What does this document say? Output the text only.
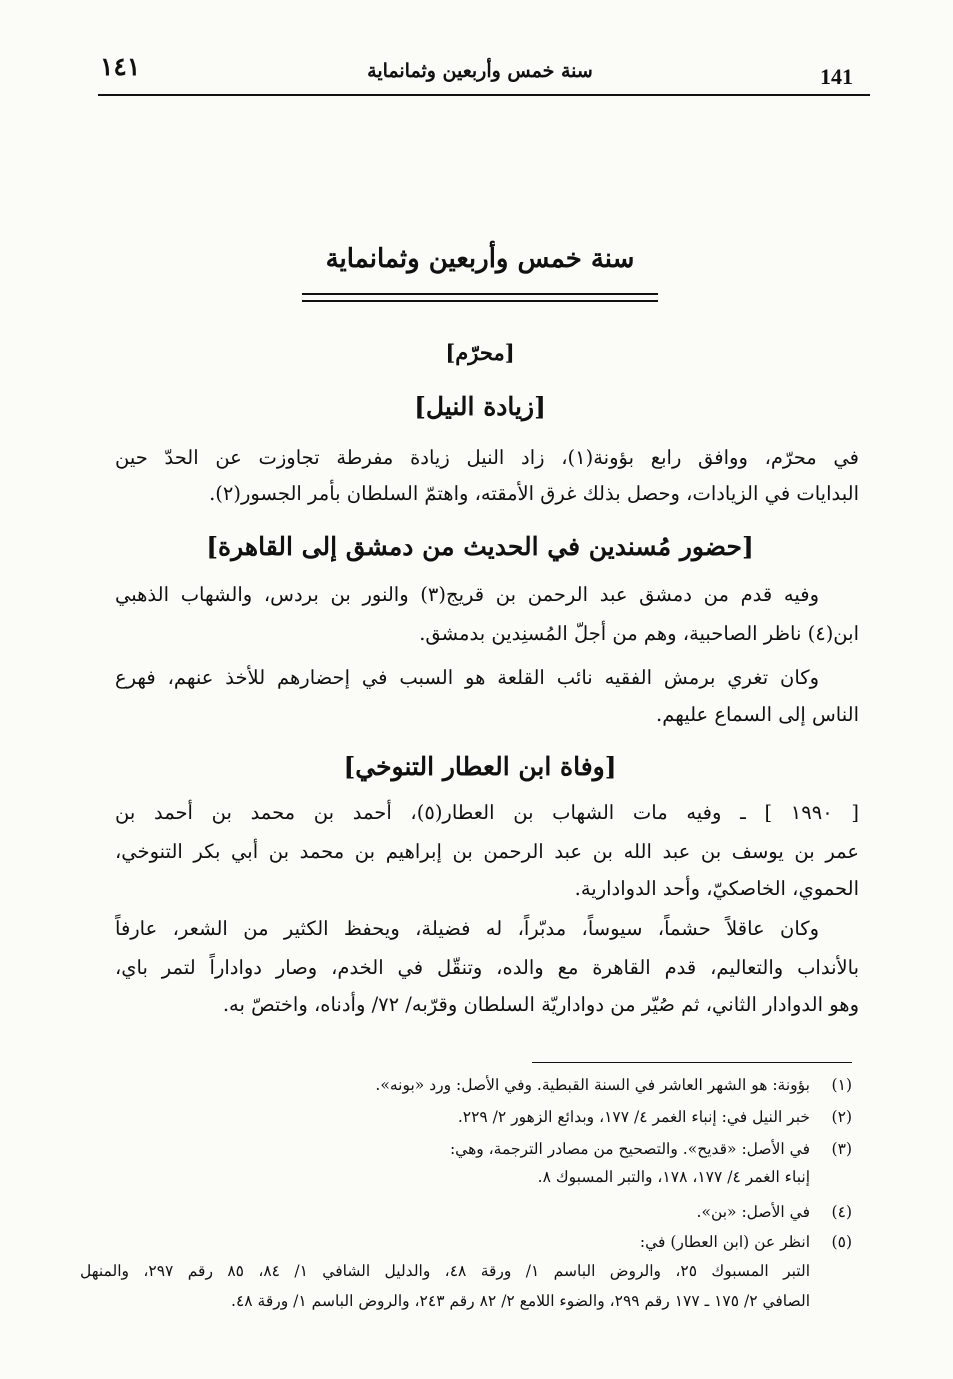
١٤١	سنة خمس وأربعين وثمانماية	141
سنة خمس وأربعين وثمانماية
[محرّم]
[زيادة النيل]
في محرّم، ووافق رابع بؤونة(١)، زاد النيل زيادة مفرطة تجاوزت عن الحدّ حين
البدايات في الزيادات، وحصل بذلك غرق الأمقته، واهتمّ السلطان بأمر الجسور(٢).
[حضور مُسندين في الحديث من دمشق إلى القاهرة]
وفيه قدم من دمشق عبد الرحمن بن قريج(٣) والنور بن بردس، والشهاب الذهبي
ابن(٤) ناظر الصاحبية، وهم من أجلّ المُسنِدين بدمشق.
وكان تغري برمش الفقيه نائب القلعة هو السبب في إحضارهم للأخذ عنهم، فهرع
الناس إلى السماع عليهم.
[وفاة ابن العطار التنوخي]
[ ١٩٩٠ ] ـ وفيه مات الشهاب بن العطار(٥)، أحمد بن محمد بن أحمد بن
عمر بن يوسف بن عبد الله بن عبد الرحمن بن إبراهيم بن محمد بن أبي بكر التنوخي،
الحموي، الخاصكيّ، وأحد الدوادارية.
وكان عاقلاً حشماً، سيوساً، مدبّراً، له فضيلة، ويحفظ الكثير من الشعر، عارفاً
بالأنداب والتعاليم، قدم القاهرة مع والده، وتنقّل في الخدم، وصار دواداراً لتمر باي،
وهو الدوادار الثاني، ثم صُيّر من دواداريّة السلطان وقرّبه/ ٧٢/ وأدناه، واختصّ به.
(١)بؤونة: هو الشهر العاشر في السنة القبطية. وفي الأصل: ورد «بونه».
(٢)خبر النيل في: إنباء الغمر ٤/ ١٧٧، وبدائع الزهور ٢/ ٢٢٩.
(٣)في الأصل: «قديح». والتصحيح من مصادر الترجمة، وهي:
إنباء الغمر ٤/ ١٧٧، ١٧٨، والتبر المسبوك ٨.
(٤)في الأصل: «بن».
(٥)انظر عن (ابن العطار) في:
التبر المسبوك ٢٥، والروض الباسم ١/ ورقة ٤٨، والدليل الشافي ١/ ٨٤، ٨٥ رقم ٢٩٧، والمنهل
الصافي ٢/ ١٧٥ ـ ١٧٧ رقم ٢٩٩، والضوء اللامع ٢/ ٨٢ رقم ٢٤٣، والروض الباسم ١/ ورقة ٤٨.
